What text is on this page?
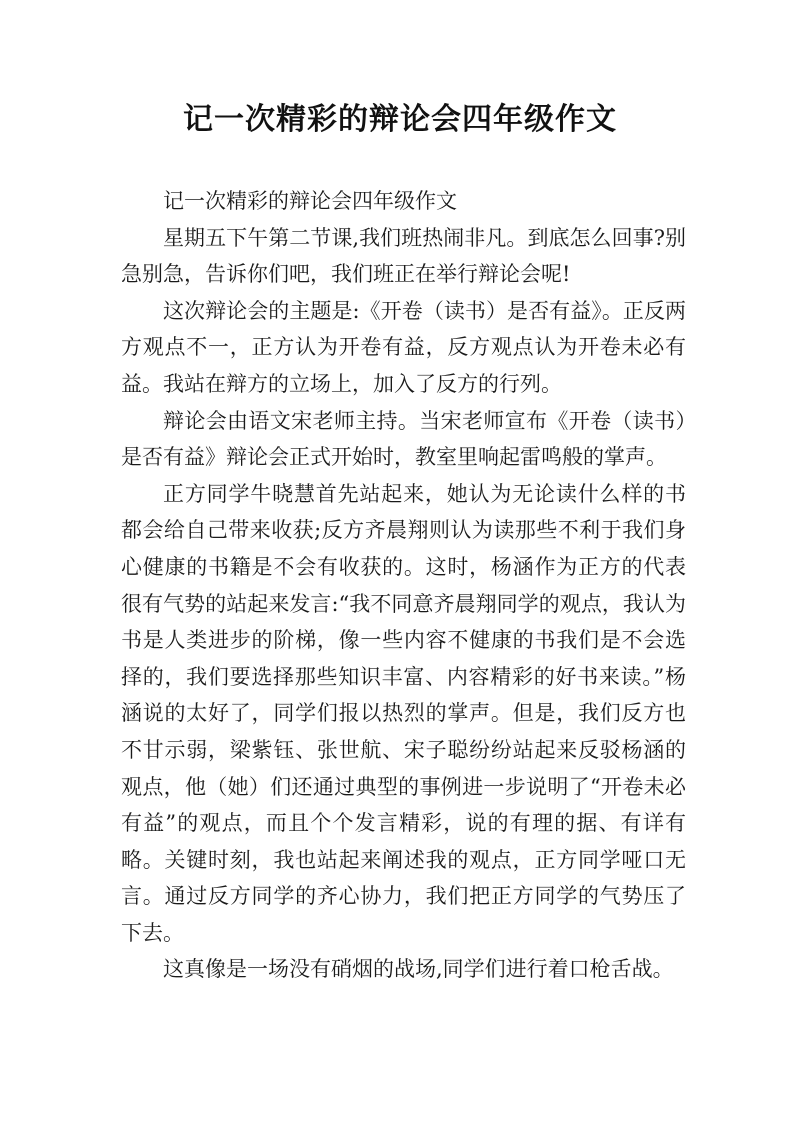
记一次精彩的辩论会四年级作文

记一次精彩的辩论会四年级作文

星期五下午第二节课,我们班热闹非凡。到底怎么回事?别急别急，告诉你们吧，我们班正在举行辩论会呢!

这次辩论会的主题是:《开卷（读书）是否有益》。正反两方观点不一，正方认为开卷有益，反方观点认为开卷未必有益。我站在辩方的立场上，加入了反方的行列。

辩论会由语文宋老师主持。当宋老师宣布《开卷（读书）是否有益》辩论会正式开始时，教室里响起雷鸣般的掌声。

正方同学牛晓慧首先站起来，她认为无论读什么样的书都会给自己带来收获;反方齐晨翔则认为读那些不利于我们身心健康的书籍是不会有收获的。这时，杨涵作为正方的代表很有气势的站起来发言:“我不同意齐晨翔同学的观点，我认为书是人类进步的阶梯，像一些内容不健康的书我们是不会选择的，我们要选择那些知识丰富、内容精彩的好书来读。”杨涵说的太好了，同学们报以热烈的掌声。但是，我们反方也不甘示弱，梁紫钰、张世航、宋子聪纷纷站起来反驳杨涵的观点，他（她）们还通过典型的事例进一步说明了“开卷未必有益”的观点，而且个个发言精彩，说的有理的据、有详有略。关键时刻，我也站起来阐述我的观点，正方同学哑口无言。通过反方同学的齐心协力，我们把正方同学的气势压了下去。

这真像是一场没有硝烟的战场,同学们进行着口枪舌战。
